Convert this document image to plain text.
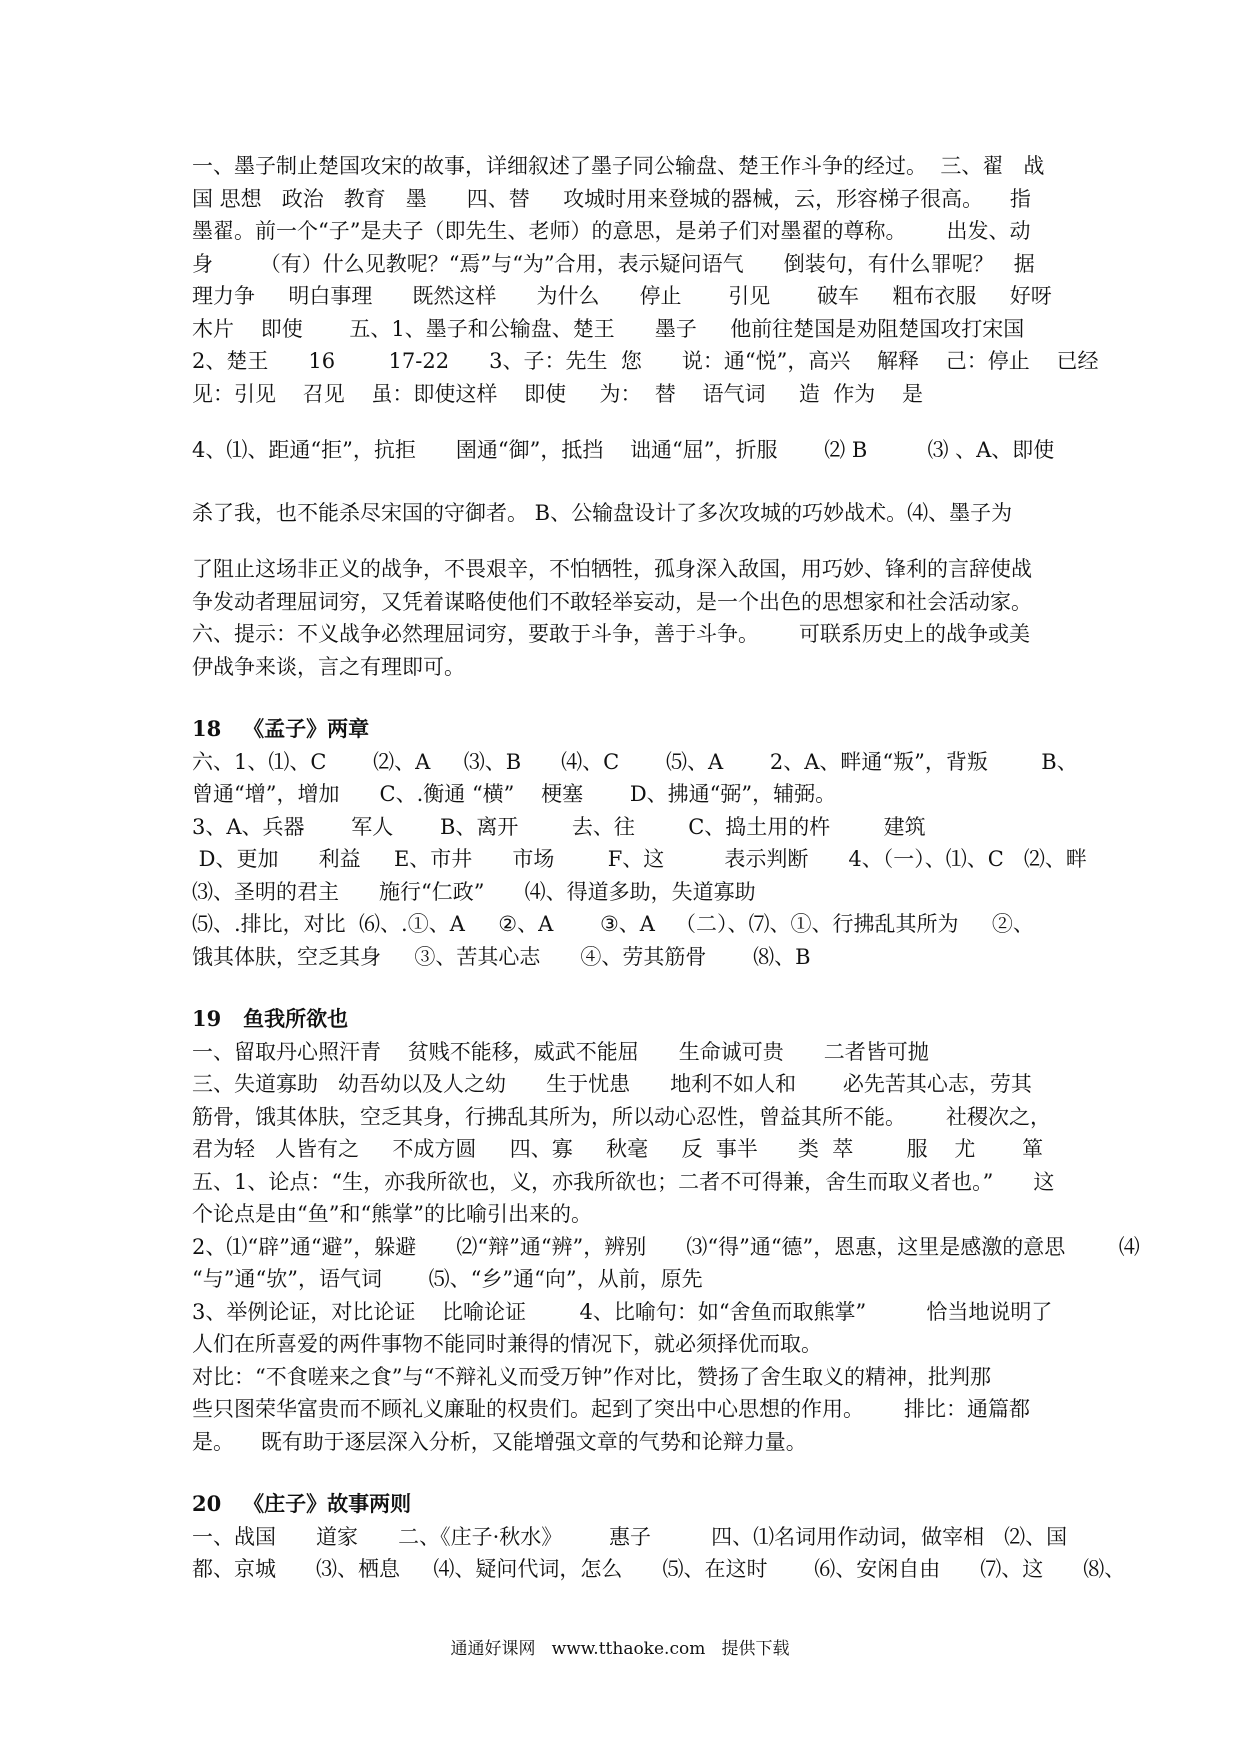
一、墨子制止楚国攻宋的故事，详细叙述了墨子同公输盘、楚王作斗争的经过。  三、翟   战
国 思想   政治   教育   墨      四、替     攻城时用来登城的器械，云，形容梯子很高。    指
墨翟。前一个“子”是夫子（即先生、老师）的意思，是弟子们对墨翟的尊称。      出发、动
身       （有）什么见教呢？“焉”与“为”合用，表示疑问语气      倒装句，有什么罪呢？   据
理力争     明白事理      既然这样      为什么      停止       引见       破车     粗布衣服     好呀
木片    即使       五、1、墨子和公输盘、楚王      墨子     他前往楚国是劝阻楚国攻打宋国
2、楚王      16        17-22      3、子：先生  您      说：通“悦”，高兴    解释    己：停止    已经
见：引见    召见    虽：即使这样    即使     为：  替    语气词     造  作为    是
4、⑴、距通“拒”，抗拒      圉通“御”，抵挡    诎通“屈”，折服       ⑵ B         ⑶ 、A、即使
杀了我，也不能杀尽宋国的守御者。 B、公输盘设计了多次攻城的巧妙战术。⑷、墨子为
了阻止这场非正义的战争，不畏艰辛，不怕牺牲，孤身深入敌国，用巧妙、锋利的言辞使战
争发动者理屈词穷，又凭着谋略使他们不敢轻举妄动，是一个出色的思想家和社会活动家。
六、提示：不义战争必然理屈词穷，要敢于斗争，善于斗争。      可联系历史上的战争或美
伊战争来谈，言之有理即可。
18   《孟子》两章
六、1、⑴、C       ⑵、A     ⑶、B      ⑷、C       ⑸、A       2、A、畔通“叛”，背叛        B、
曾通“增”，增加      C、.衡通 “横”    梗塞       D、拂通“弼”，辅弼。
3、A、兵器       军人       B、离开        去、往        C、捣土用的杵        建筑
D、更加      利益     E、市井      市场        F、这         表示判断      4、（一）、⑴、C   ⑵、畔
⑶、圣明的君主      施行“仁政”      ⑷、得道多助，失道寡助
⑸、.排比，对比  ⑹、.①、A     ②、A       ③、A   （二）、⑺、①、行拂乱其所为     ②、
饿其体肤，空乏其身     ③、苦其心志      ④、劳其筋骨       ⑻、B
19   鱼我所欲也
一、留取丹心照汗青    贫贱不能移，威武不能屈      生命诚可贵      二者皆可抛
三、失道寡助   幼吾幼以及人之幼      生于忧患      地利不如人和       必先苦其心志，劳其
筋骨，饿其体肤，空乏其身，行拂乱其所为，所以动心忍性，曾益其所不能。      社稷次之，
君为轻   人皆有之     不成方圆     四、寡     秋毫     反  事半      类  萃        服    尤       箪
五、1、论点：“生，亦我所欲也，义，亦我所欲也；二者不可得兼，舍生而取义者也。”      这
个论点是由“鱼”和“熊掌”的比喻引出来的。
2、⑴“辟”通“避”，躲避      ⑵“辩”通“辨”，辨别      ⑶“得”通“德”，恩惠，这里是感激的意思        ⑷
“与”通“欤”，语气词       ⑸、“乡”通“向”，从前，原先
3、举例论证，对比论证    比喻论证        4、比喻句：如“舍鱼而取熊掌”         恰当地说明了
人们在所喜爱的两件事物不能同时兼得的情况下，就必须择优而取。
对比：“不食嗟来之食”与“不辩礼义而受万钟”作对比，赞扬了舍生取义的精神，批判那
些只图荣华富贵而不顾礼义廉耻的权贵们。起到了突出中心思想的作用。      排比：通篇都
是。    既有助于逐层深入分析，又能增强文章的气势和论辩力量。
20   《庄子》故事两则
一、战国      道家      二、《庄子·秋水》       惠子         四、⑴名词用作动词，做宰相   ⑵、国
都、京城      ⑶、栖息     ⑷、疑问代词，怎么      ⑸、在这时       ⑹、安闲自由      ⑺、这      ⑻、
通通好课网   www.tthaoke.com   提供下载
